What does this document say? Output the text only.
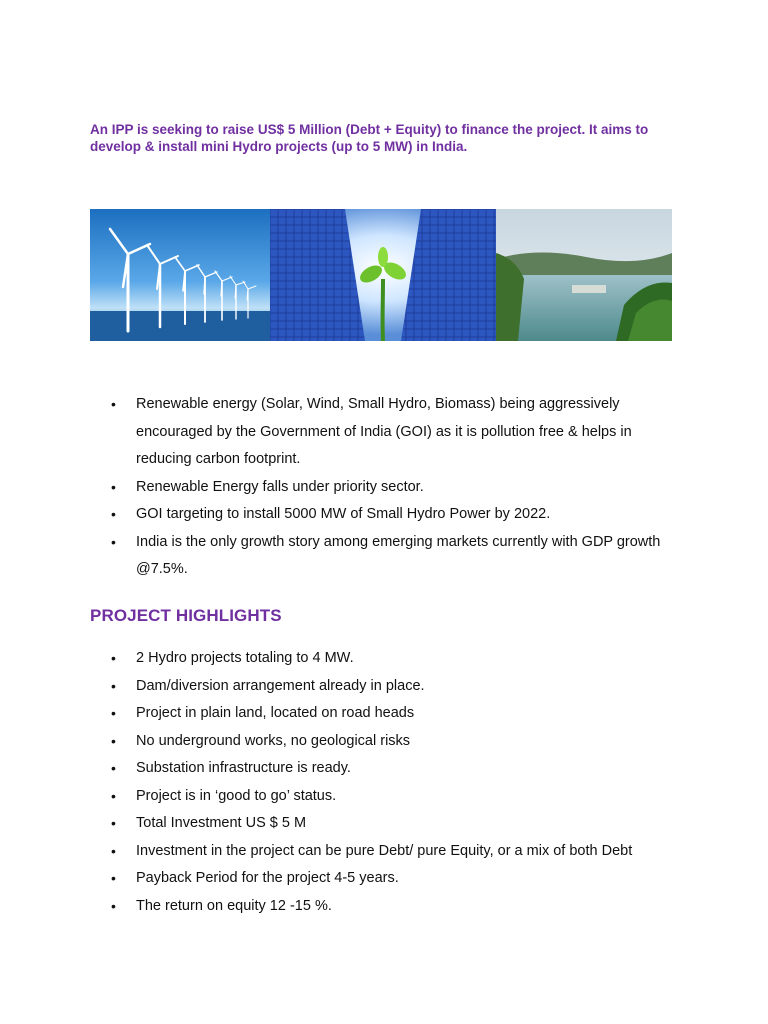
An IPP is seeking to raise US$ 5 Million (Debt + Equity) to finance the project. It aims to develop & install mini Hydro projects (up to 5 MW) in India.

• Renewable energy (Solar, Wind, Small Hydro, Biomass) being aggressively encouraged by the Government of India (GOI) as it is pollution free & helps in reducing carbon footprint.
• Renewable Energy falls under priority sector.
• GOI targeting to install 5000 MW of Small Hydro Power by 2022.
• India is the only growth story among emerging markets currently with GDP growth @7.5%.
PROJECT HIGHLIGHTS
• 2 Hydro projects totaling to 4 MW.
• Dam/diversion arrangement already in place.
• Project in plain land, located on road heads
• No underground works, no geological risks
• Substation infrastructure is ready.
• Project is in ‘good to go’ status.
• Total Investment US $ 5 M
• Investment in the project can be pure Debt/ pure Equity, or a mix of both Debt
• Payback Period for the project 4-5 years.
• The return on equity 12 -15 %.
